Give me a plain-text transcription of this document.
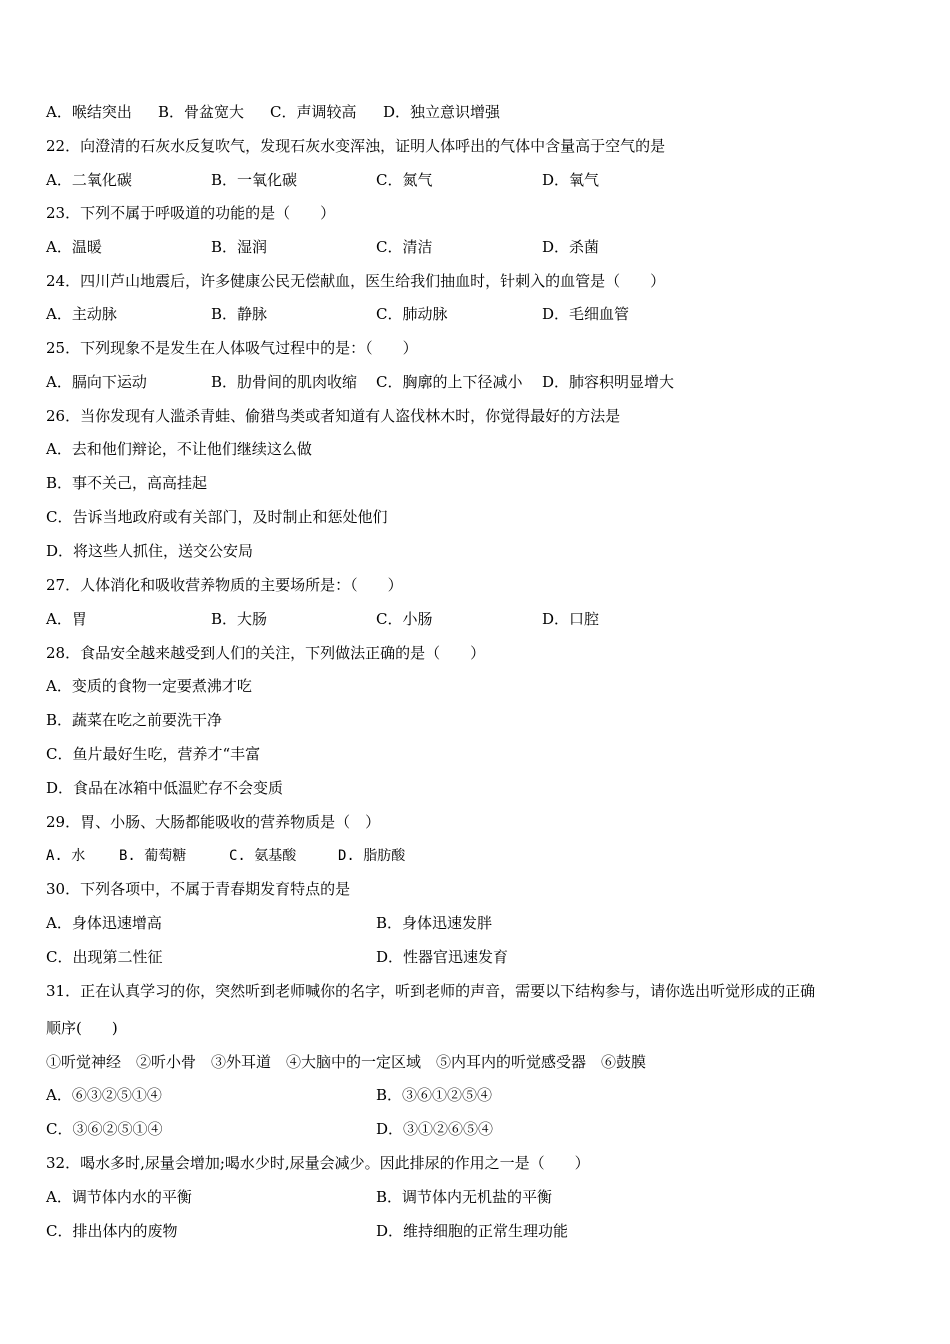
A．喉结突出 B．骨盆宽大 C．声调较高 D．独立意识增强
22．向澄清的石灰水反复吹气，发现石灰水变浑浊，证明人体呼出的气体中含量高于空气的是
A．二氧化碳	B．一氧化碳	C．氮气	D．氧气
23．下列不属于呼吸道的功能的是（　　）
A．温暖	B．湿润	C．清洁	D．杀菌
24．四川芦山地震后，许多健康公民无偿献血，医生给我们抽血时，针刺入的血管是（　　）
A．主动脉	B．静脉	C．肺动脉	D．毛细血管
25．下列现象不是发生在人体吸气过程中的是：（　　）
A．膈向下运动	B．肋骨间的肌肉收缩 C．胸廓的上下径减小 D．肺容积明显增大
26．当你发现有人滥杀青蛙、偷猎鸟类或者知道有人盗伐林木时，你觉得最好的方法是
A．去和他们辩论，不让他们继续这么做
B．事不关己，高高挂起
C．告诉当地政府或有关部门，及时制止和惩处他们
D．将这些人抓住，送交公安局
27．人体消化和吸收营养物质的主要场所是：（　　）
A．胃	B．大肠	C．小肠	D．口腔
28．食品安全越来越受到人们的关注，下列做法正确的是（　　）
A．变质的食物一定要煮沸才吃
B．蔬菜在吃之前要洗干净
C．鱼片最好生吃，营养才“丰富
D．食品在冰箱中低温贮存不会变质
29．胃、小肠、大肠都能吸收的营养物质是（　）
A. 水 B. 葡萄糖	C. 氨基酸	D. 脂肪酸
30．下列各项中，不属于青春期发育特点的是
A．身体迅速增高	B．身体迅速发胖
C．出现第二性征	D．性器官迅速发育
31．正在认真学习的你，突然听到老师喊你的名字，听到老师的声音，需要以下结构参与，请你选出听觉形成的正确
顺序(　　)
①听觉神经　②听小骨　③外耳道　④大脑中的一定区域　⑤内耳内的听觉感受器　⑥鼓膜
A．⑥③②⑤①④	B．③⑥①②⑤④
C．③⑥②⑤①④	D．③①②⑥⑤④
32．喝水多时,尿量会增加;喝水少时,尿量会减少。因此排尿的作用之一是（　　）
A．调节体内水的平衡	B．调节体内无机盐的平衡
C．排出体内的废物	D．维持细胞的正常生理功能
